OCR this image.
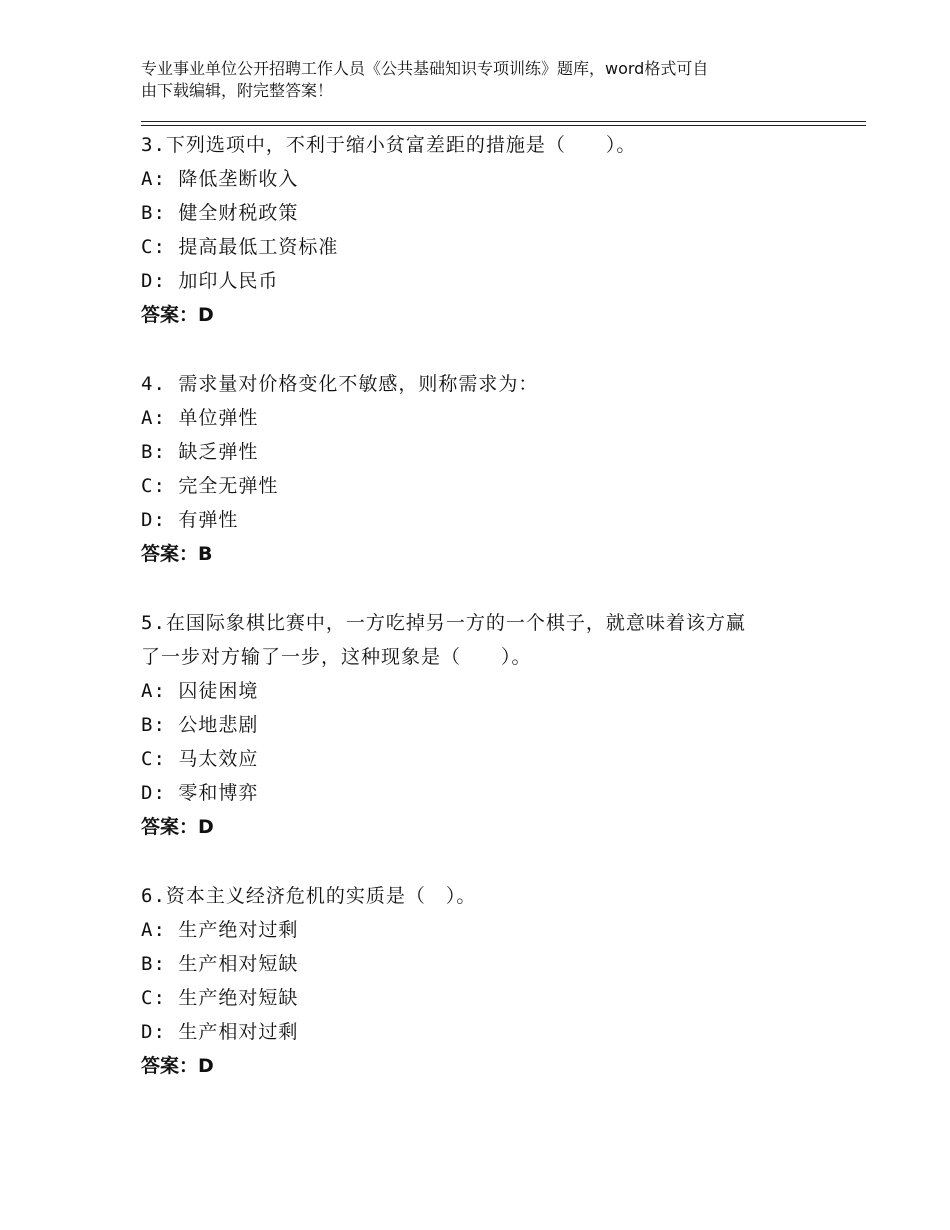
专业事业单位公开招聘工作人员《公共基础知识专项训练》题库，word格式可自
由下载编辑，附完整答案！
3.下列选项中，不利于缩小贫富差距的措施是（　　）。
A: 降低垄断收入
B: 健全财税政策
C: 提高最低工资标准
D: 加印人民币
答案：D
4. 需求量对价格变化不敏感，则称需求为：
A: 单位弹性
B: 缺乏弹性
C: 完全无弹性
D: 有弹性
答案：B
5.在国际象棋比赛中，一方吃掉另一方的一个棋子，就意味着该方赢
了一步对方输了一步，这种现象是（　　）。
A: 囚徒困境
B: 公地悲剧
C: 马太效应
D: 零和博弈
答案：D
6.资本主义经济危机的实质是（　）。
A: 生产绝对过剩
B: 生产相对短缺
C: 生产绝对短缺
D: 生产相对过剩
答案：D
